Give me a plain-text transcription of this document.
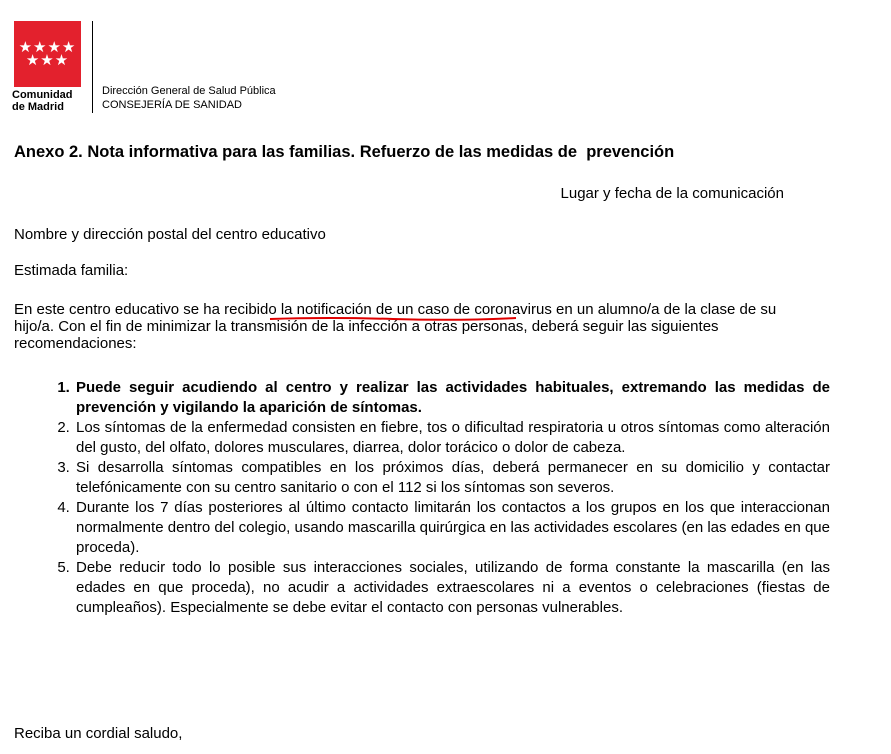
★★★★
★★★
Comunidad
de Madrid
Dirección General de Salud Pública
CONSEJERÍA DE SANIDAD
Anexo 2. Nota informativa para las familias. Refuerzo de las medidas de  prevención
Lugar y fecha de la comunicación
Nombre y dirección postal del centro educativo
Estimada familia:
En este centro educativo se ha recibido la notificación de un caso de coronavirus en un alumno/a de la clase de su hijo/a. Con el fin de minimizar la transmisión de la infección a otras personas, deberá seguir las siguientes recomendaciones:
1. Puede seguir acudiendo al centro y realizar las actividades habituales, extremando las medidas de prevención y vigilando la aparición de síntomas.
2. Los síntomas de la enfermedad consisten en fiebre, tos o dificultad respiratoria u otros síntomas como alteración del gusto, del olfato, dolores musculares, diarrea, dolor torácico o dolor de cabeza.
3. Si desarrolla síntomas compatibles en los próximos días, deberá permanecer en su domicilio y contactar telefónicamente con su centro sanitario o con el 112 si los síntomas son severos.
4. Durante los 7 días posteriores al último contacto limitarán los contactos a los grupos en los que interaccionan normalmente dentro del colegio, usando mascarilla quirúrgica en las actividades escolares (en las edades en que proceda).
5. Debe reducir todo lo posible sus interacciones sociales, utilizando de forma constante la mascarilla (en las edades en que proceda), no acudir a actividades extraescolares ni a eventos o celebraciones (fiestas de cumpleaños). Especialmente se debe evitar el contacto con personas vulnerables.
Reciba un cordial saludo,
